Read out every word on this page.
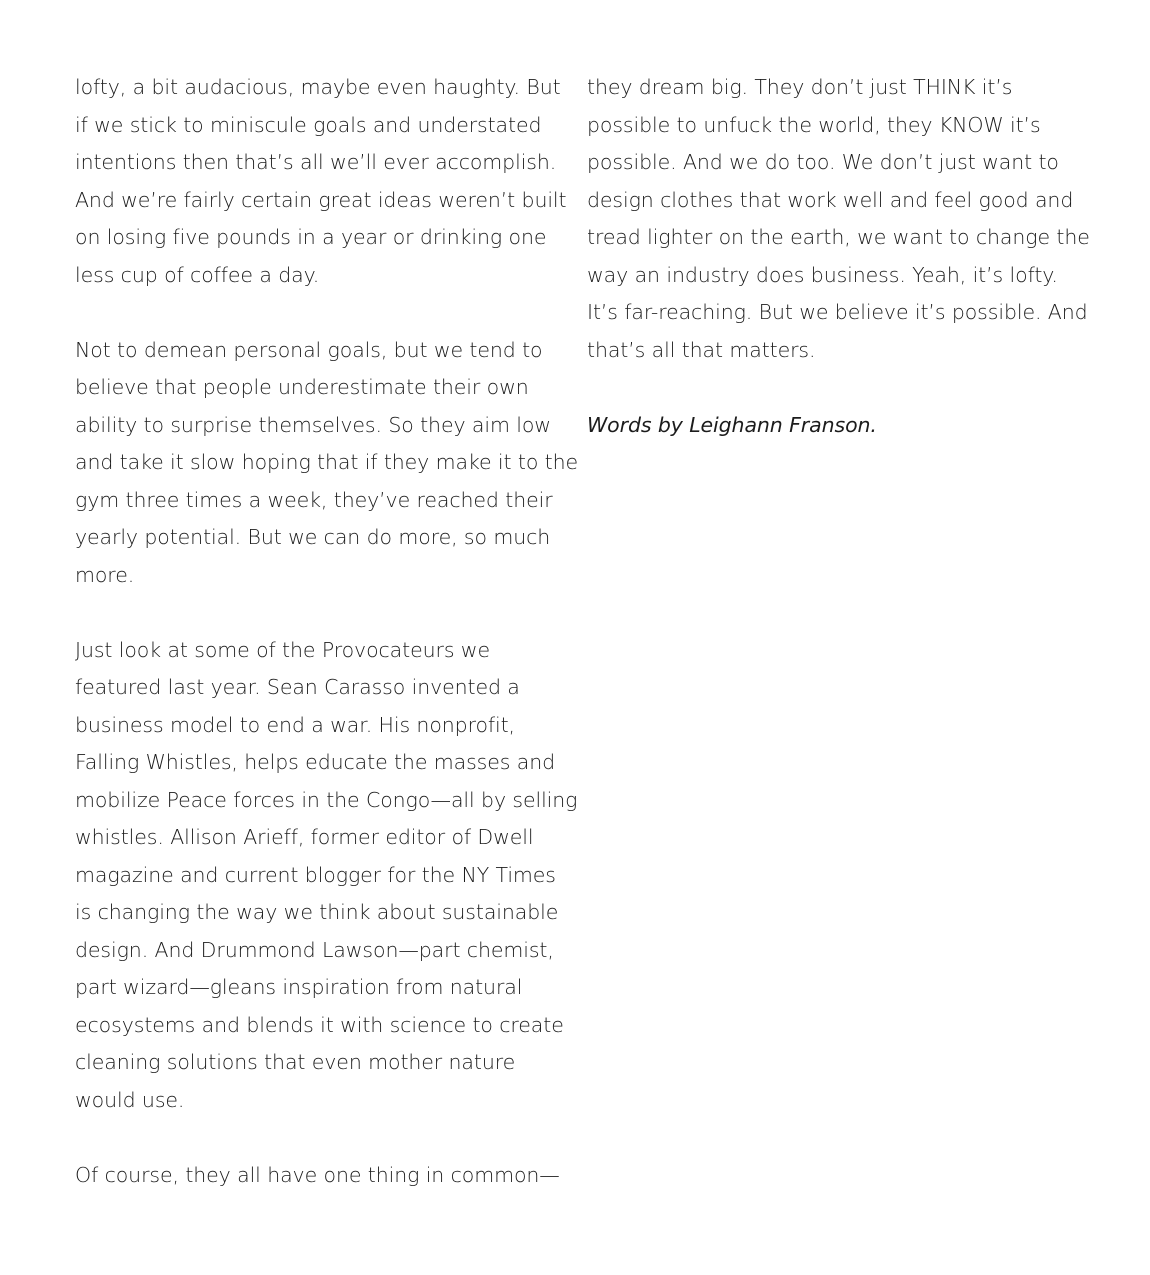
lofty, a bit audacious, maybe even haughty. But
if we stick to miniscule goals and understated
intentions then that’s all we’ll ever accomplish.
And we’re fairly certain great ideas weren’t built
on losing five pounds in a year or drinking one
less cup of coffee a day.

Not to demean personal goals, but we tend to
believe that people underestimate their own
ability to surprise themselves. So they aim low
and take it slow hoping that if they make it to the
gym three times a week, they’ve reached their
yearly potential. But we can do more, so much
more.

Just look at some of the Provocateurs we
featured last year. Sean Carasso invented a
business model to end a war. His nonprofit,
Falling Whistles, helps educate the masses and
mobilize Peace forces in the Congo—all by selling
whistles. Allison Arieff, former editor of Dwell
magazine and current blogger for the NY Times
is changing the way we think about sustainable
design. And Drummond Lawson—part chemist,
part wizard—gleans inspiration from natural
ecosystems and blends it with science to create
cleaning solutions that even mother nature
would use.

Of course, they all have one thing in common—

they dream big. They don’t just THINK it’s
possible to unfuck the world, they KNOW it’s
possible. And we do too. We don’t just want to
design clothes that work well and feel good and
tread lighter on the earth, we want to change the
way an industry does business. Yeah, it’s lofty.
It’s far-reaching. But we believe it’s possible. And
that’s all that matters.

Words by Leighann Franson.
